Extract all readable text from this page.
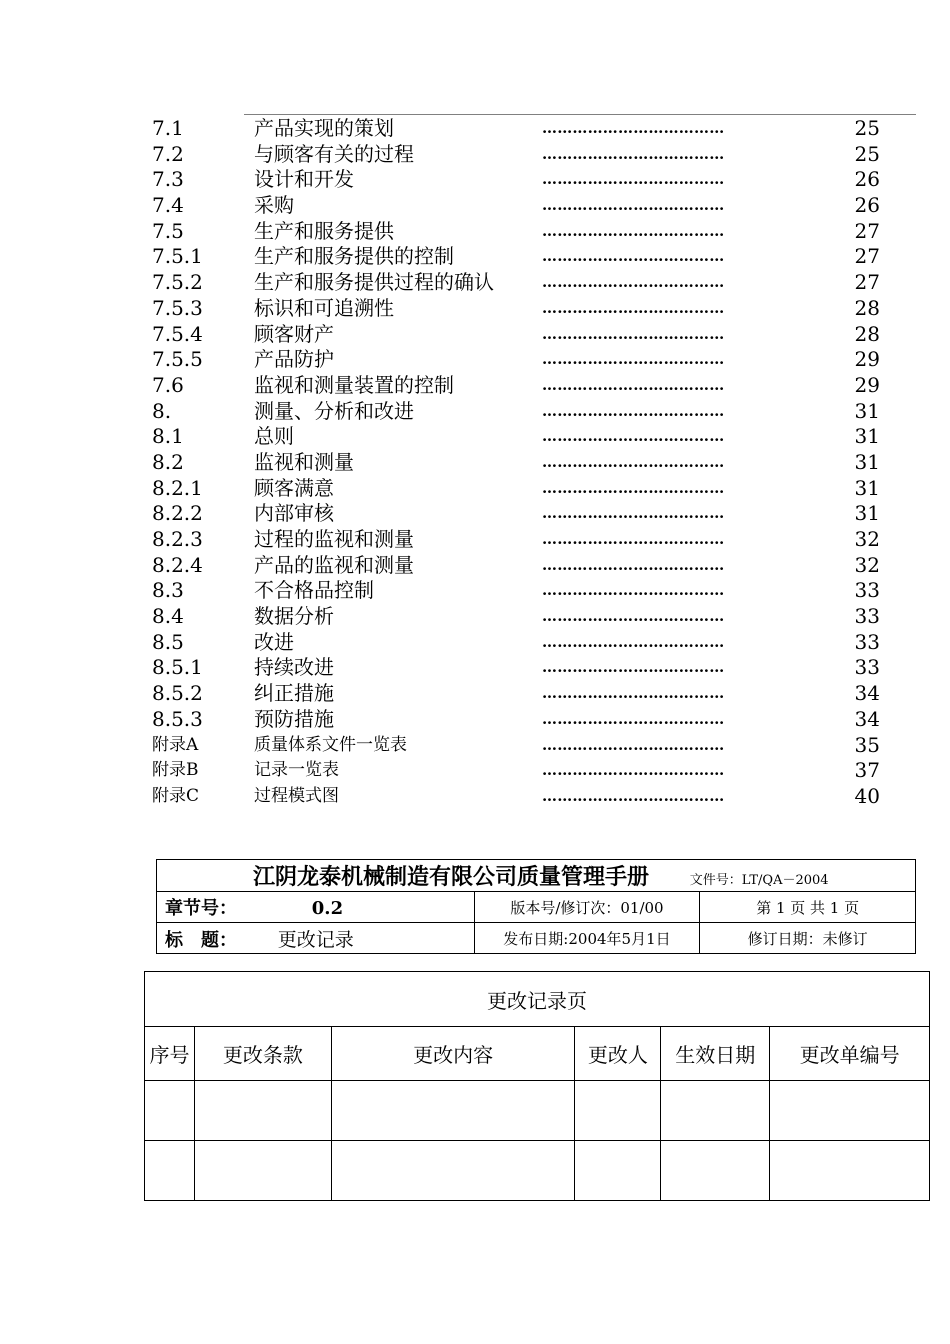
7.1	产品实现的策划	………………………………	25
7.2	与顾客有关的过程	………………………………	25
7.3	设计和开发	………………………………	26
7.4	采购	………………………………	26
7.5	生产和服务提供	………………………………	27
7.5.1	生产和服务提供的控制	………………………………	27
7.5.2	生产和服务提供过程的确认	………………………………	27
7.5.3	标识和可追溯性	………………………………	28
7.5.4	顾客财产	………………………………	28
7.5.5	产品防护	………………………………	29
7.6	监视和测量装置的控制	………………………………	29
8.	测量、分析和改进	………………………………	31
8.1	总则	………………………………	31
8.2	监视和测量	………………………………	31
8.2.1	顾客满意	………………………………	31
8.2.2	内部审核	………………………………	31
8.2.3	过程的监视和测量	………………………………	32
8.2.4	产品的监视和测量	………………………………	32
8.3	不合格品控制	………………………………	33
8.4	数据分析	………………………………	33
8.5	改进	………………………………	33
8.5.1	持续改进	………………………………	33
8.5.2	纠正措施	………………………………	34
8.5.3	预防措施	………………………………	34
附录A	质量体系文件一览表	………………………………	35
附录B	记录一览表	………………………………	37
附录C	过程模式图	………………………………	40
江阴龙泰机械制造有限公司质量管理手册 文件号：LT/QA－2004		
章节号： 0.2	版本号/修订次：01/00	第 1 页 共 1 页
标　题： 更改记录	发布日期:2004年5月1日	修订日期：未修订
更改记录页					
序号	更改条款	更改内容	更改人	生效日期	更改单编号
